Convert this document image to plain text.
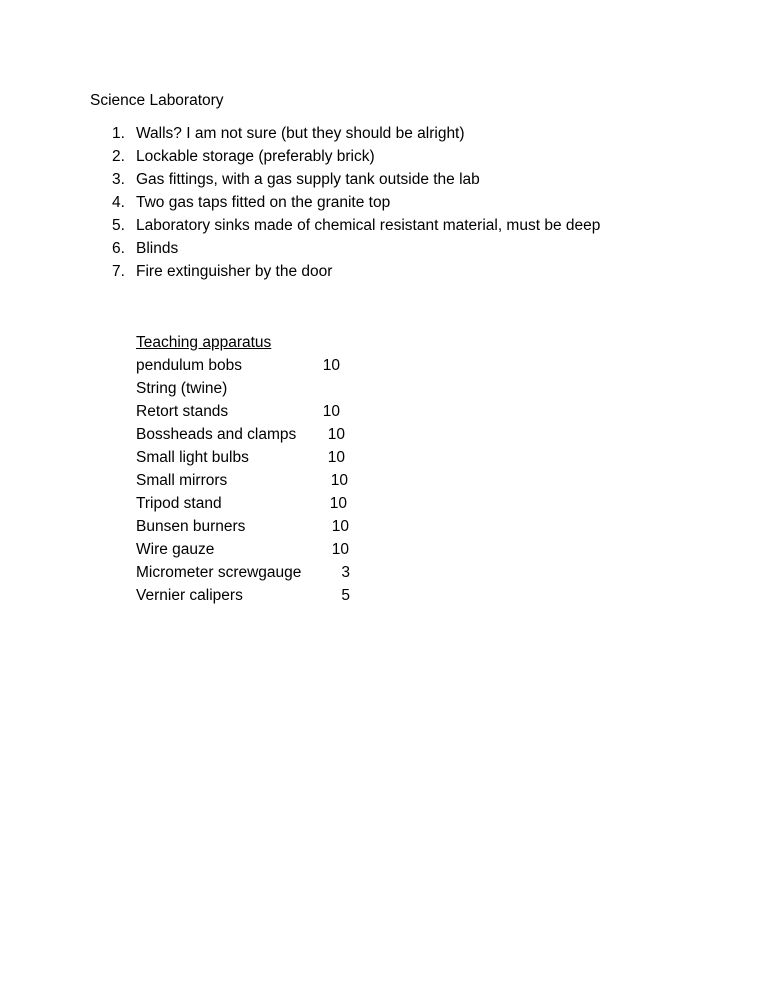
Science Laboratory
1. Walls? I am not sure (but they should be alright)
2. Lockable storage (preferably brick)
3. Gas fittings, with a gas supply tank outside the lab
4. Two gas taps fitted on the granite top
5. Laboratory sinks made of chemical resistant material, must be deep
6. Blinds
7. Fire extinguisher by the door
Teaching apparatus
pendulum bobs	10
String (twine)
Retort stands	10
Bossheads and clamps	10
Small light bulbs	10
Small mirrors	10
Tripod stand	10
Bunsen burners	10
Wire gauze	10
Micrometer screwgauge	3
Vernier calipers	5
